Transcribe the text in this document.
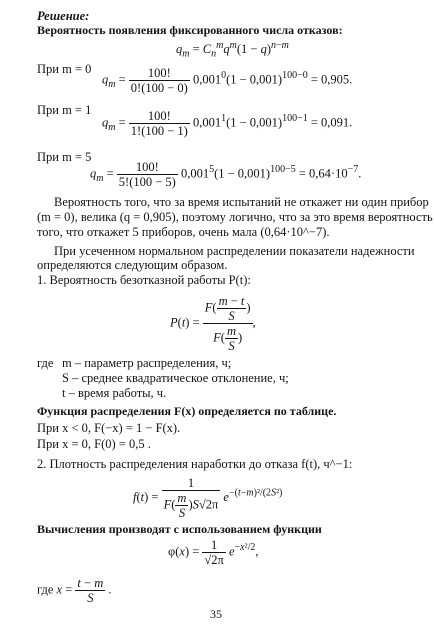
Решение:
Вероятность появления фиксированного числа отказов:
$q_m = C_n^mq^m(1 - q)^{n-m}$
При m = 0
$q_m = \frac{100!}{0!(100 - 0)} 0,001^0(1 - 0,001)^{100-0} = 0,905$.
При m = 1
$q_m = \frac{100!}{1!(100 - 1)} 0,001^1(1 - 0,001)^{100-1} = 0,091$.
При m = 5
$q_m = \frac{100!}{5!(100 - 5)} 0,001^5(1 - 0,001)^{100-5} = 0,64\cdot 10^{-7}$.
Вероятность того, что за время испытаний не откажет ни один прибор
(m = 0), велика (q = 0,905), поэтому логично, что за это время вероятность
того, что откажет 5 приборов, очень мала (0,64·10^−7).
При усеченном нормальном распределении показатели надежности
определяются следующим образом.
1. Вероятность безотказной работы P(t):
$P(t) = \frac{F( \frac{m - t}{S} )}{F( \frac{m}{S} )}$ ,
где m – параметр распределения, ч;
S – среднее квадратическое отклонение, ч;
t – время работы, ч.
Функция распределения F(x) определяется по таблице.
При x < 0, F(−x) = 1 − F(x).
При x = 0, F(0) = 0,5 .
2. Плотность распределения наработки до отказа f(t), ч^−1:
$f(t) = \frac{1}{F( \frac{m}{S} )S√2\pi} e^{-(t-m)^2/(2S^2)}$
Вычисления производят с использованием функции
$\varphi(x) = \frac{1}{√2\pi} e^{-x^2/2}$,
где $x = \frac{t - m}{S}$ .
35
